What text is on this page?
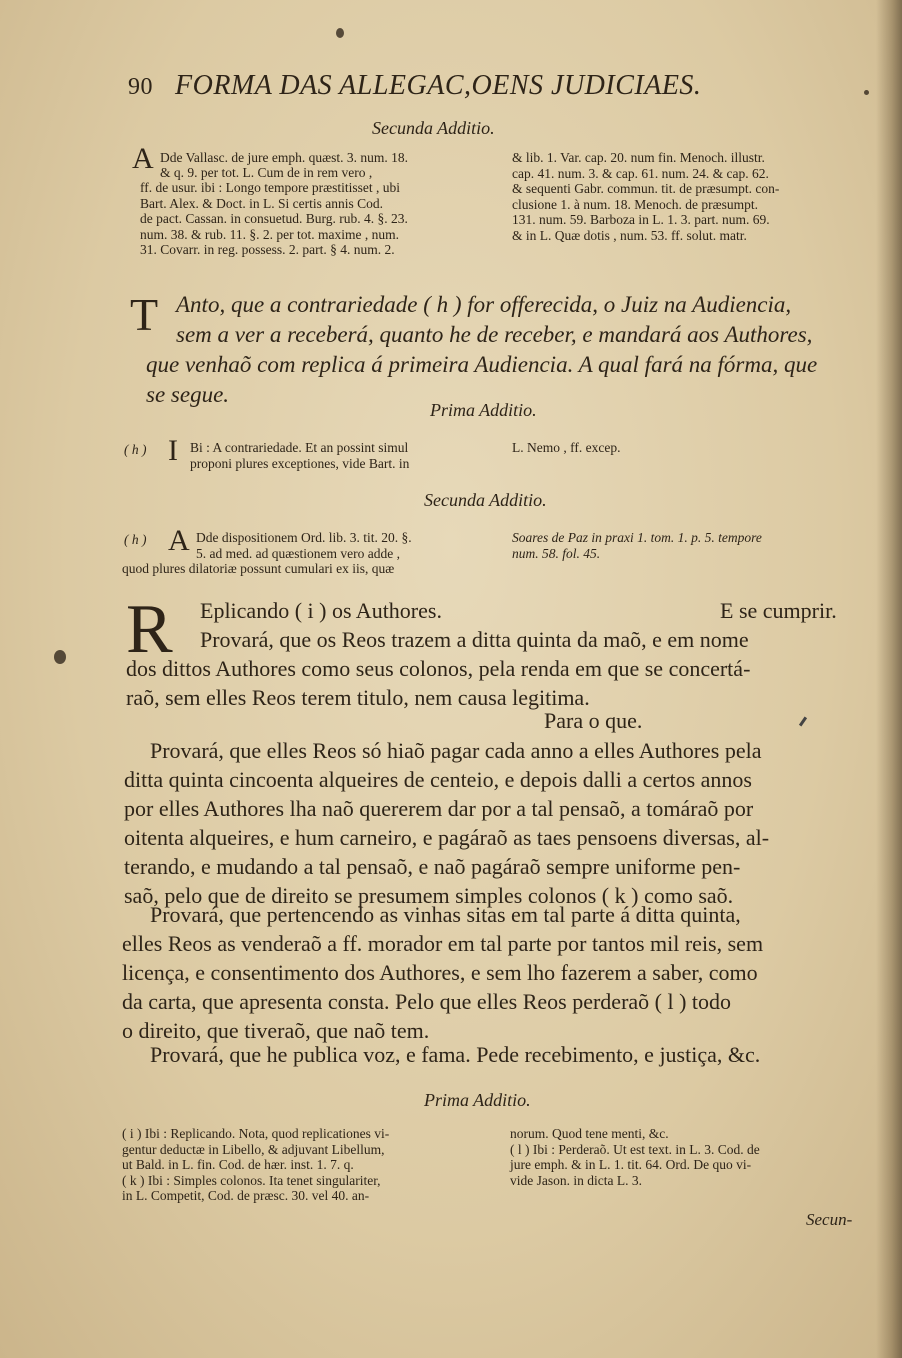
90 FORMA DAS ALLEGAC,OENS JUDICIAES.
Secunda Additio.
A Dde Vallasc. de jure emph. quæst. 3. num. 18.
& q. 9. per tot. L. Cum de in rem vero ,
ff. de usur. ibi : Longo tempore præstitisset , ubi
Bart. Alex. & Doct. in L. Si certis annis Cod.
de pact. Cassan. in consuetud. Burg. rub. 4. §. 23.
num. 38. & rub. 11. §. 2. per tot. maxime , num.
31. Covarr. in reg. possess. 2. part. § 4. num. 2.
& lib. 1. Var. cap. 20. num fin. Menoch. illustr.
cap. 41. num. 3. & cap. 61. num. 24. & cap. 62.
& sequenti Gabr. commun. tit. de præsumpt. con-
clusione 1. à num. 18. Menoch. de præsumpt.
131. num. 59. Barboza in L. 1. 3. part. num. 69.
& in L. Quæ dotis , num. 53. ff. solut. matr.
T Anto, que a contrariedade ( h ) for offerecida, o Juiz na Audiencia,
sem a ver a receberá, quanto he de receber, e mandará aos Authores,
que venhaõ com replica á primeira Audiencia. A qual fará na fórma, que
se segue.
Prima Additio.
( h ) I Bi : A contrariedade. Et an possint simul
proponi plures exceptiones, vide Bart. in
L. Nemo , ff. excep.
Secunda Additio.
( h ) A Dde dispositionem Ord. lib. 3. tit. 20. §.
5. ad med. ad quæstionem vero adde ,
quod plures dilatoriæ possunt cumulari ex iis, quæ
Soares de Paz in praxi 1. tom. 1. p. 5. tempore
num. 58. fol. 45.
R Eplicando ( i ) os Authores.	E se cumprir.
Provará, que os Reos trazem a ditta quinta da maõ, e em nome
dos dittos Authores como seus colonos, pela renda em que se concertá-
raõ, sem elles Reos terem titulo, nem causa legitima.
Para o que.
Provará, que elles Reos só hiaõ pagar cada anno a elles Authores pela
ditta quinta cincoenta alqueires de centeio, e depois dalli a certos annos
por elles Authores lha naõ quererem dar por a tal pensaõ, a tomáraõ por
oitenta alqueires, e hum carneiro, e pagáraõ as taes pensoens diversas, al-
terando, e mudando a tal pensaõ, e naõ pagáraõ sempre uniforme pen-
saõ, pelo que de direito se presumem simples colonos ( k ) como saõ.
Provará, que pertencendo as vinhas sitas em tal parte á ditta quinta,
elles Reos as venderaõ a ff. morador em tal parte por tantos mil reis, sem
licença, e consentimento dos Authores, e sem lho fazerem a saber, como
da carta, que apresenta consta. Pelo que elles Reos perderaõ ( l ) todo
o direito, que tiveraõ, que naõ tem.
Provará, que he publica voz, e fama. Pede recebimento, e justiça, &c.
Prima Additio.
( i ) Ibi : Replicando. Nota, quod replicationes vi-
gentur deductæ in Libello, & adjuvant Libellum,
ut Bald. in L. fin. Cod. de hær. inst. 1. 7. q.
( k ) Ibi : Simples colonos. Ita tenet singulariter,
in L. Competit, Cod. de præsc. 30. vel 40. an-
norum. Quod tene menti, &c.
( l ) Ibi : Perderaõ. Ut est text. in L. 3. Cod. de
jure emph. & in L. 1. tit. 64. Ord. De quo vi-
vide Jason. in dicta L. 3.
Secun-
